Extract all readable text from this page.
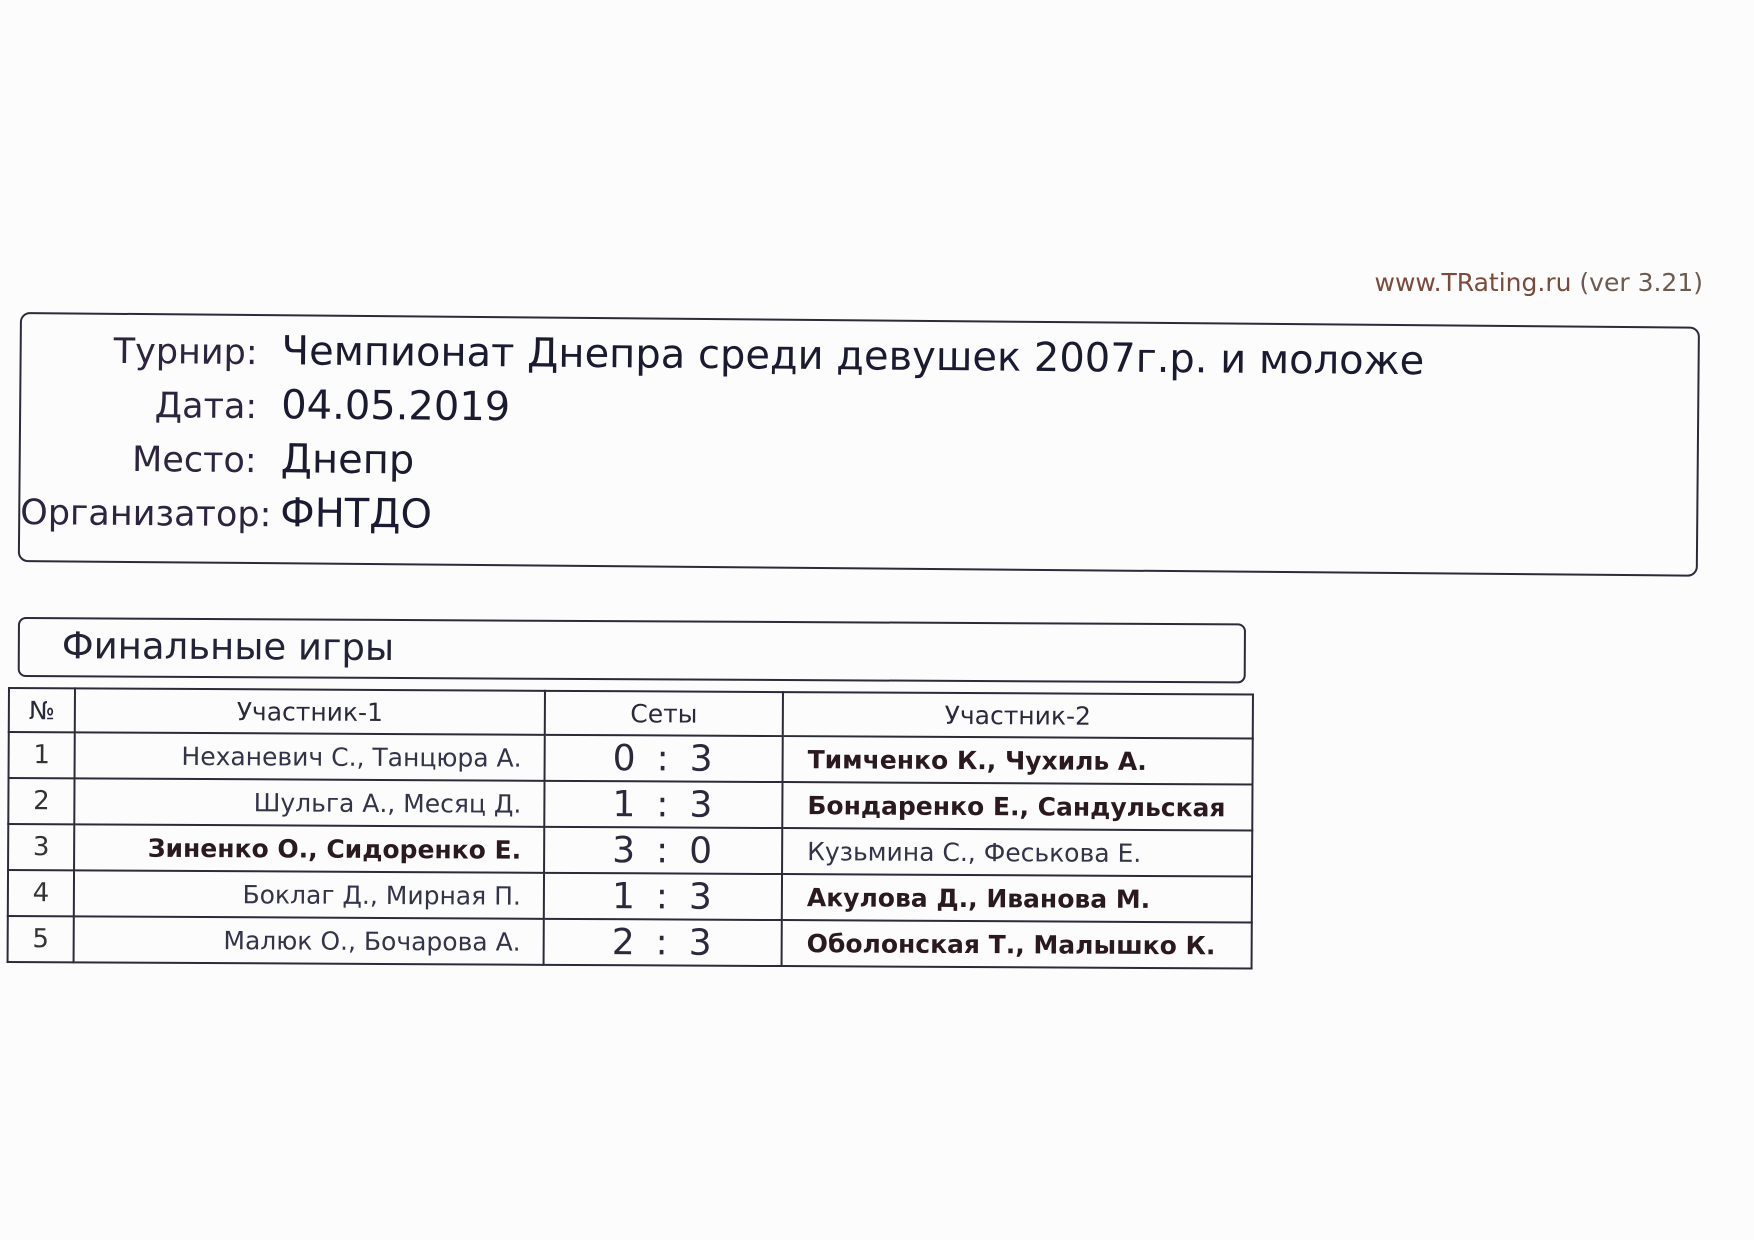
www.TRating.ru (ver 3.21)
Турнир: Чемпионат Днепра среди девушек 2007г.р. и моложе
Дата: 04.05.2019
Место: Днепр
Организатор: ФНТДО
Финальные игры
№	Участник-1	Сеты	Участник-2
1	Неханевич С., Танцюра А.	0 : 3	Тимченко К., Чухиль А.
2	Шульга А., Месяц Д.	1 : 3	Бондаренко Е., Сандульская
3	Зиненко О., Сидоренко Е.	3 : 0	Кузьмина С., Феськова Е.
4	Боклаг Д., Мирная П.	1 : 3	Акулова Д., Иванова М.
5	Малюк О., Бочарова А.	2 : 3	Оболонская Т., Малышко К.
